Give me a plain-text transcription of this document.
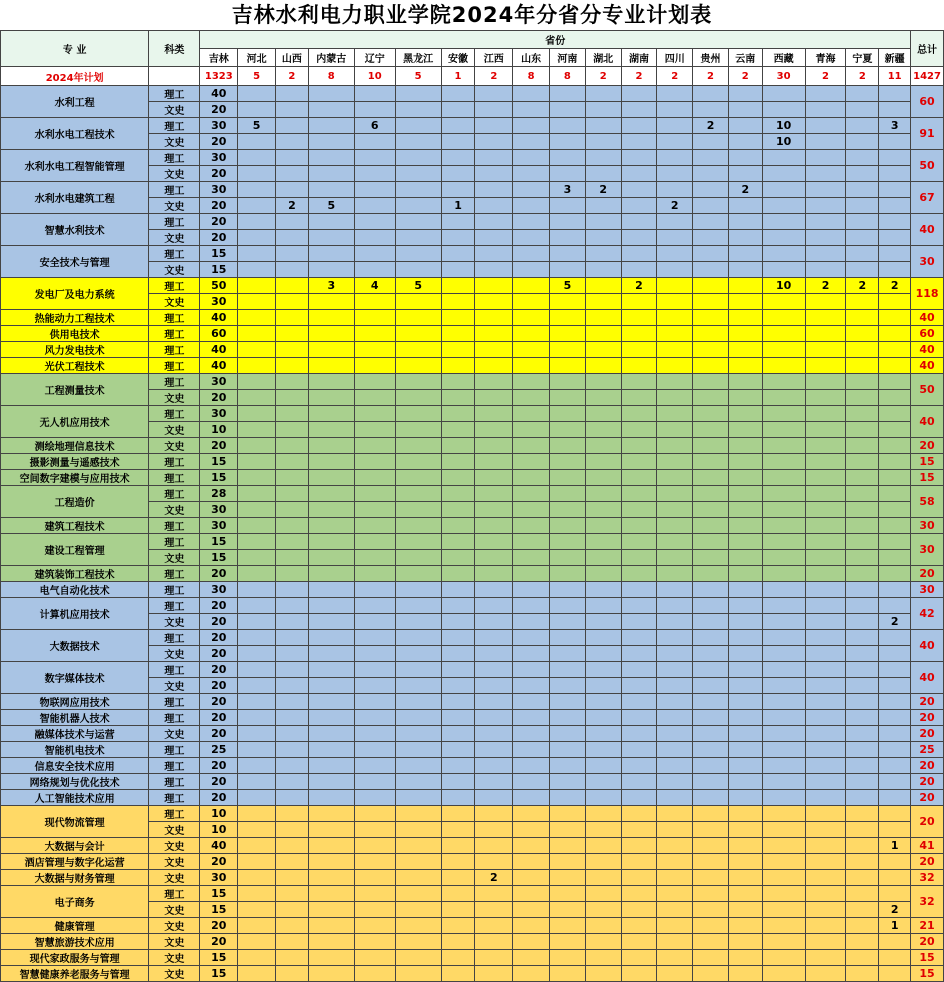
吉林水利电力职业学院2024年分省分专业计划表
专 业	科类	省份																			总计
		吉林	河北	山西	内蒙古	辽宁	黑龙江	安徽	江西	山东	河南	湖北	湖南	四川	贵州	云南	西藏	青海	宁夏	新疆	
2024年计划		1323	5	2	8	10	5	1	2	8	8	2	2	2	2	2	30	2	2	11	1427
水利工程	理工	40																			60
	文史	20																			
水利水电工程技术	理工	30	5			6									2		10			3	91
	文史	20															10				
水利水电工程智能管理	理工	30																			50
	文史	20																			
水利水电建筑工程	理工	30									3	2				2					67
	文史	20		2	5			1						2							
智慧水利技术	理工	20																			40
	文史	20																			
安全技术与管理	理工	15																			30
	文史	15																			
发电厂及电力系统	理工	50			3	4	5				5		2				10	2	2	2	118
	文史	30																			
热能动力工程技术	理工	40																			40
供用电技术	理工	60																			60
风力发电技术	理工	40																			40
光伏工程技术	理工	40																			40
工程测量技术	理工	30																			50
	文史	20																			
无人机应用技术	理工	30																			40
	文史	10																			
测绘地理信息技术	文史	20																			20
摄影测量与遥感技术	理工	15																			15
空间数字建模与应用技术	理工	15																			15
工程造价	理工	28																			58
	文史	30																			
建筑工程技术	理工	30																			30
建设工程管理	理工	15																			30
	文史	15																			
建筑装饰工程技术	理工	20																			20
电气自动化技术	理工	30																			30
计算机应用技术	理工	20																			42
	文史	20																		2	
大数据技术	理工	20																			40
	文史	20																			
数字媒体技术	理工	20																			40
	文史	20																			
物联网应用技术	理工	20																			20
智能机器人技术	理工	20																			20
融媒体技术与运营	文史	20																			20
智能机电技术	理工	25																			25
信息安全技术应用	理工	20																			20
网络规划与优化技术	理工	20																			20
人工智能技术应用	理工	20																			20
现代物流管理	理工	10																			20
	文史	10																			
大数据与会计	文史	40																		1	41
酒店管理与数字化运营	文史	20																			20
大数据与财务管理	文史	30							2												32
电子商务	理工	15																			32
	文史	15																		2	
健康管理	文史	20																		1	21
智慧旅游技术应用	文史	20																			20
现代家政服务与管理	文史	15																			15
智慧健康养老服务与管理	文史	15																			15
